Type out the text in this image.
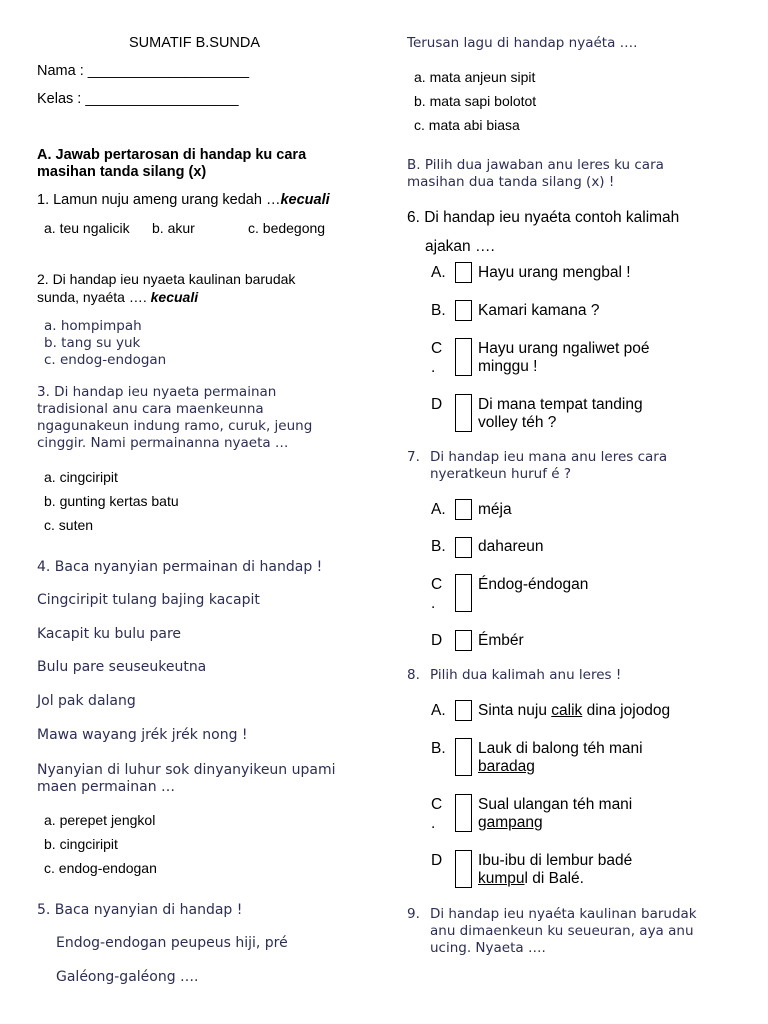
SUMATIF B.SUNDA
Nama : ____________________
Kelas : ___________________
A. Jawab pertarosan di handap ku cara
masihan tanda silang (x)
1. Lamun nuju ameng urang kedah …kecuali
a. teu ngalicik b. akur	c. bedegong
2. Di handap ieu nyaeta kaulinan barudak
sunda, nyaéta …. kecuali
a. hompimpah
b. tang su yuk
c. endog-endogan
3. Di handap ieu nyaeta permainan
tradisional anu cara maenkeunna
ngagunakeun indung ramo, curuk, jeung
cinggir. Nami permainanna nyaeta …
a. cingciripit
b. gunting kertas batu
c. suten
4. Baca nyanyian permainan di handap !
Cingciripit tulang bajing kacapit
Kacapit ku bulu pare
Bulu pare seuseukeutna
Jol pak dalang
Mawa wayang jrék jrék nong !
Nyanyian di luhur sok dinyanyikeun upami
maen permainan …
a. perepet jengkol
b. cingciripit
c. endog-endogan
5. Baca nyanyian di handap !
Endog-endogan peupeus hiji, pré
Galéong-galéong ….
Terusan lagu di handap nyaéta ….
a. mata anjeun sipit
b. mata sapi bolotot
c. mata abi biasa
B. Pilih dua jawaban anu leres ku cara
masihan dua tanda silang (x) !
6. Di handap ieu nyaéta contoh kalimah
ajakan ….
A. Hayu urang mengbal !
B. Kamari kamana ?
C
.
Hayu urang ngaliwet poé
minggu !
D Di mana tempat tanding
volley téh ?
7. Di handap ieu mana anu leres cara
nyeratkeun huruf é ?
A. méja
B. dahareun
C
.
Éndog-éndogan
D Émbér
8. Pilih dua kalimah anu leres !
A. Sinta nuju calik dina jojodog
B. Lauk di balong téh mani
baradag
C
.
Sual ulangan téh mani
gampang
D Ibu-ibu di lembur badé
kumpul di Balé.
9. Di handap ieu nyaéta kaulinan barudak
anu dimaenkeun ku seueuran, aya anu
ucing. Nyaeta ….
